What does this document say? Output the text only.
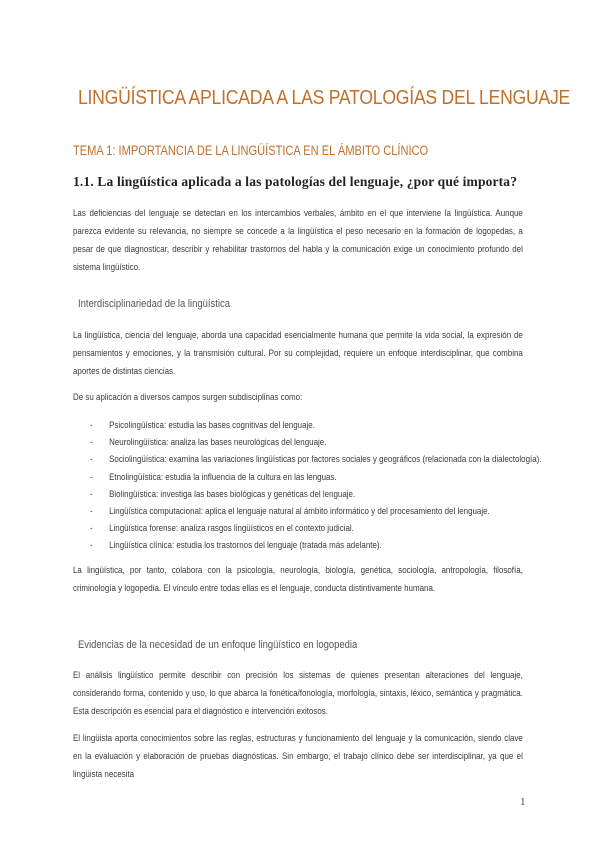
LINGÜÍSTICA APLICADA A LAS PATOLOGÍAS DEL LENGUAJE
TEMA 1: IMPORTANCIA DE LA LINGÜÍSTICA EN EL ÁMBITO CLÍNICO
1.1. La lingüística aplicada a las patologías del lenguaje, ¿por qué importa?

Las deficiencias del lenguaje se detectan en los intercambios verbales, ámbito en el que interviene la lingüística. Aunque parezca evidente su relevancia, no siempre se concede a la lingüística el peso necesario en la formación de logopedas, a pesar de que diagnosticar, describir y rehabilitar trastornos del habla y la comunicación exige un conocimiento profundo del sistema lingüístico.

Interdisciplinariedad de la lingüística

La lingüística, ciencia del lenguaje, aborda una capacidad esencialmente humana que permite la vida social, la expresión de pensamientos y emociones, y la transmisión cultural. Por su complejidad, requiere un enfoque interdisciplinar, que combina aportes de distintas ciencias.

De su aplicación a diversos campos surgen subdisciplinas como:

- Psicolingüística: estudia las bases cognitivas del lenguaje.
- Neurolingüística: analiza las bases neurológicas del lenguaje.
- Sociolingüística: examina las variaciones lingüísticas por factores sociales y geográficos (relacionada con la dialectología).
- Etnolingüística: estudia la influencia de la cultura en las lenguas.
- Biolingüística: investiga las bases biológicas y genéticas del lenguaje.
- Lingüística computacional: aplica el lenguaje natural al ámbito informático y del procesamiento del lenguaje.
- Lingüística forense: analiza rasgos lingüísticos en el contexto judicial.
- Lingüística clínica: estudia los trastornos del lenguaje (tratada más adelante).

La lingüística, por tanto, colabora con la psicología, neurología, biología, genética, sociología, antropología, filosofía, criminología y logopedia. El vínculo entre todas ellas es el lenguaje, conducta distintivamente humana.

Evidencias de la necesidad de un enfoque lingüístico en logopedia

El análisis lingüístico permite describir con precisión los sistemas de quienes presentan alteraciones del lenguaje, considerando forma, contenido y uso, lo que abarca la fonética/fonología, morfología, sintaxis, léxico, semántica y pragmática. Esta descripción es esencial para el diagnóstico e intervención exitosos.

El lingüista aporta conocimientos sobre las reglas, estructuras y funcionamiento del lenguaje y la comunicación, siendo clave en la evaluación y elaboración de pruebas diagnósticas. Sin embargo, el trabajo clínico debe ser interdisciplinar, ya que el lingüista necesita

1
